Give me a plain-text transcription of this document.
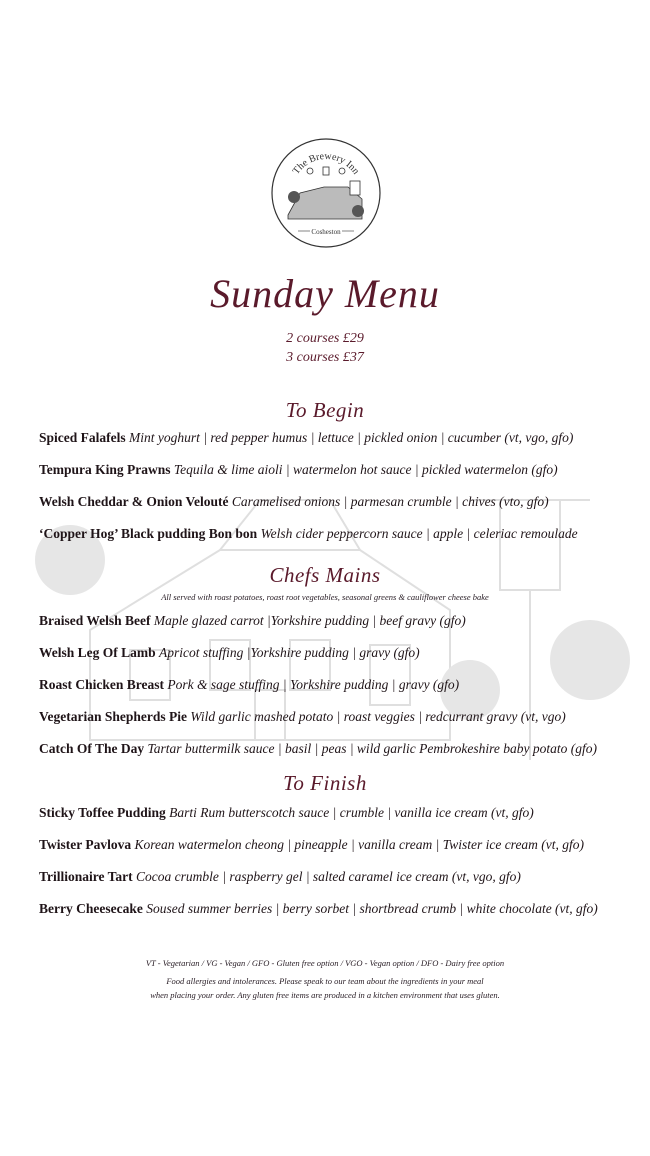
The Brewery Inn
Cosheston
Sunday Menu
2 courses £29
3 courses £37
To Begin
Spiced Falafels Mint yoghurt | red pepper humus | lettuce | pickled onion | cucumber (vt, vgo, gfo)
Tempura King Prawns Tequila & lime aioli | watermelon hot sauce | pickled watermelon (gfo)
Welsh Cheddar & Onion Velouté Caramelised onions | parmesan crumble | chives (vto, gfo)
‘Copper Hog’ Black pudding Bon bon Welsh cider peppercorn sauce | apple | celeriac remoulade
Chefs Mains
All served with roast potatoes, roast root vegetables, seasonal greens & cauliflower cheese bake
Braised Welsh Beef Maple glazed carrot |Yorkshire pudding | beef gravy (gfo)
Welsh Leg Of Lamb Apricot stuffing |Yorkshire pudding | gravy (gfo)
Roast Chicken Breast Pork & sage stuffing | Yorkshire pudding | gravy (gfo)
Vegetarian Shepherds Pie Wild garlic mashed potato | roast veggies | redcurrant gravy (vt, vgo)
Catch Of The Day Tartar buttermilk sauce | basil | peas | wild garlic Pembrokeshire baby potato (gfo)
To Finish
Sticky Toffee Pudding Barti Rum butterscotch sauce | crumble | vanilla ice cream (vt, gfo)
Twister Pavlova Korean watermelon cheong | pineapple | vanilla cream | Twister ice cream (vt, gfo)
Trillionaire Tart Cocoa crumble | raspberry gel | salted caramel ice cream (vt, vgo, gfo)
Berry Cheesecake Soused summer berries | berry sorbet | shortbread crumb | white chocolate (vt, gfo)
VT - Vegetarian / VG - Vegan / GFO - Gluten free option / VGO - Vegan option / DFO - Dairy free option
Food allergies and intolerances. Please speak to our team about the ingredients in your meal
when placing your order. Any gluten free items are produced in a kitchen environment that uses gluten.
